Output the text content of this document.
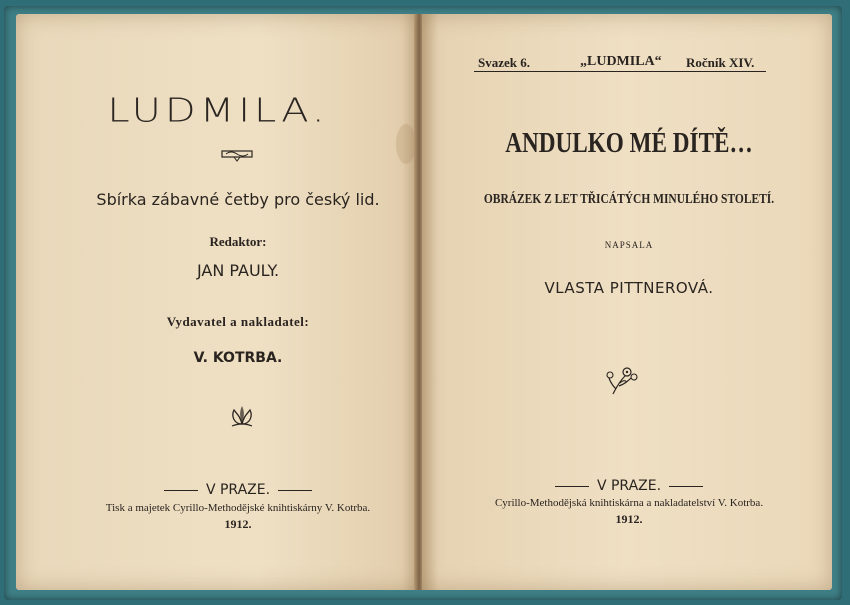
LUDMILA.
Sbírka zábavné četby pro český lid.
Redaktor:
JAN PAULY.
Vydavatel a nakladatel:
V. KOTRBA.
V PRAZE.
Tisk a majetek Cyrillo-Methodějské knihtiskárny V. Kotrba.
1912.
Svazek 6.	„LUDMILA“ Ročník XIV.
ANDULKO MÉ DÍTĚ…
OBRÁZEK Z LET TŘICÁTÝCH MINULÉHO STOLETÍ.
NAPSALA
VLASTA PITTNEROVÁ.
V PRAZE.
Cyrillo-Methodějská knihtiskárna a nakladatelství V. Kotrba.
1912.
